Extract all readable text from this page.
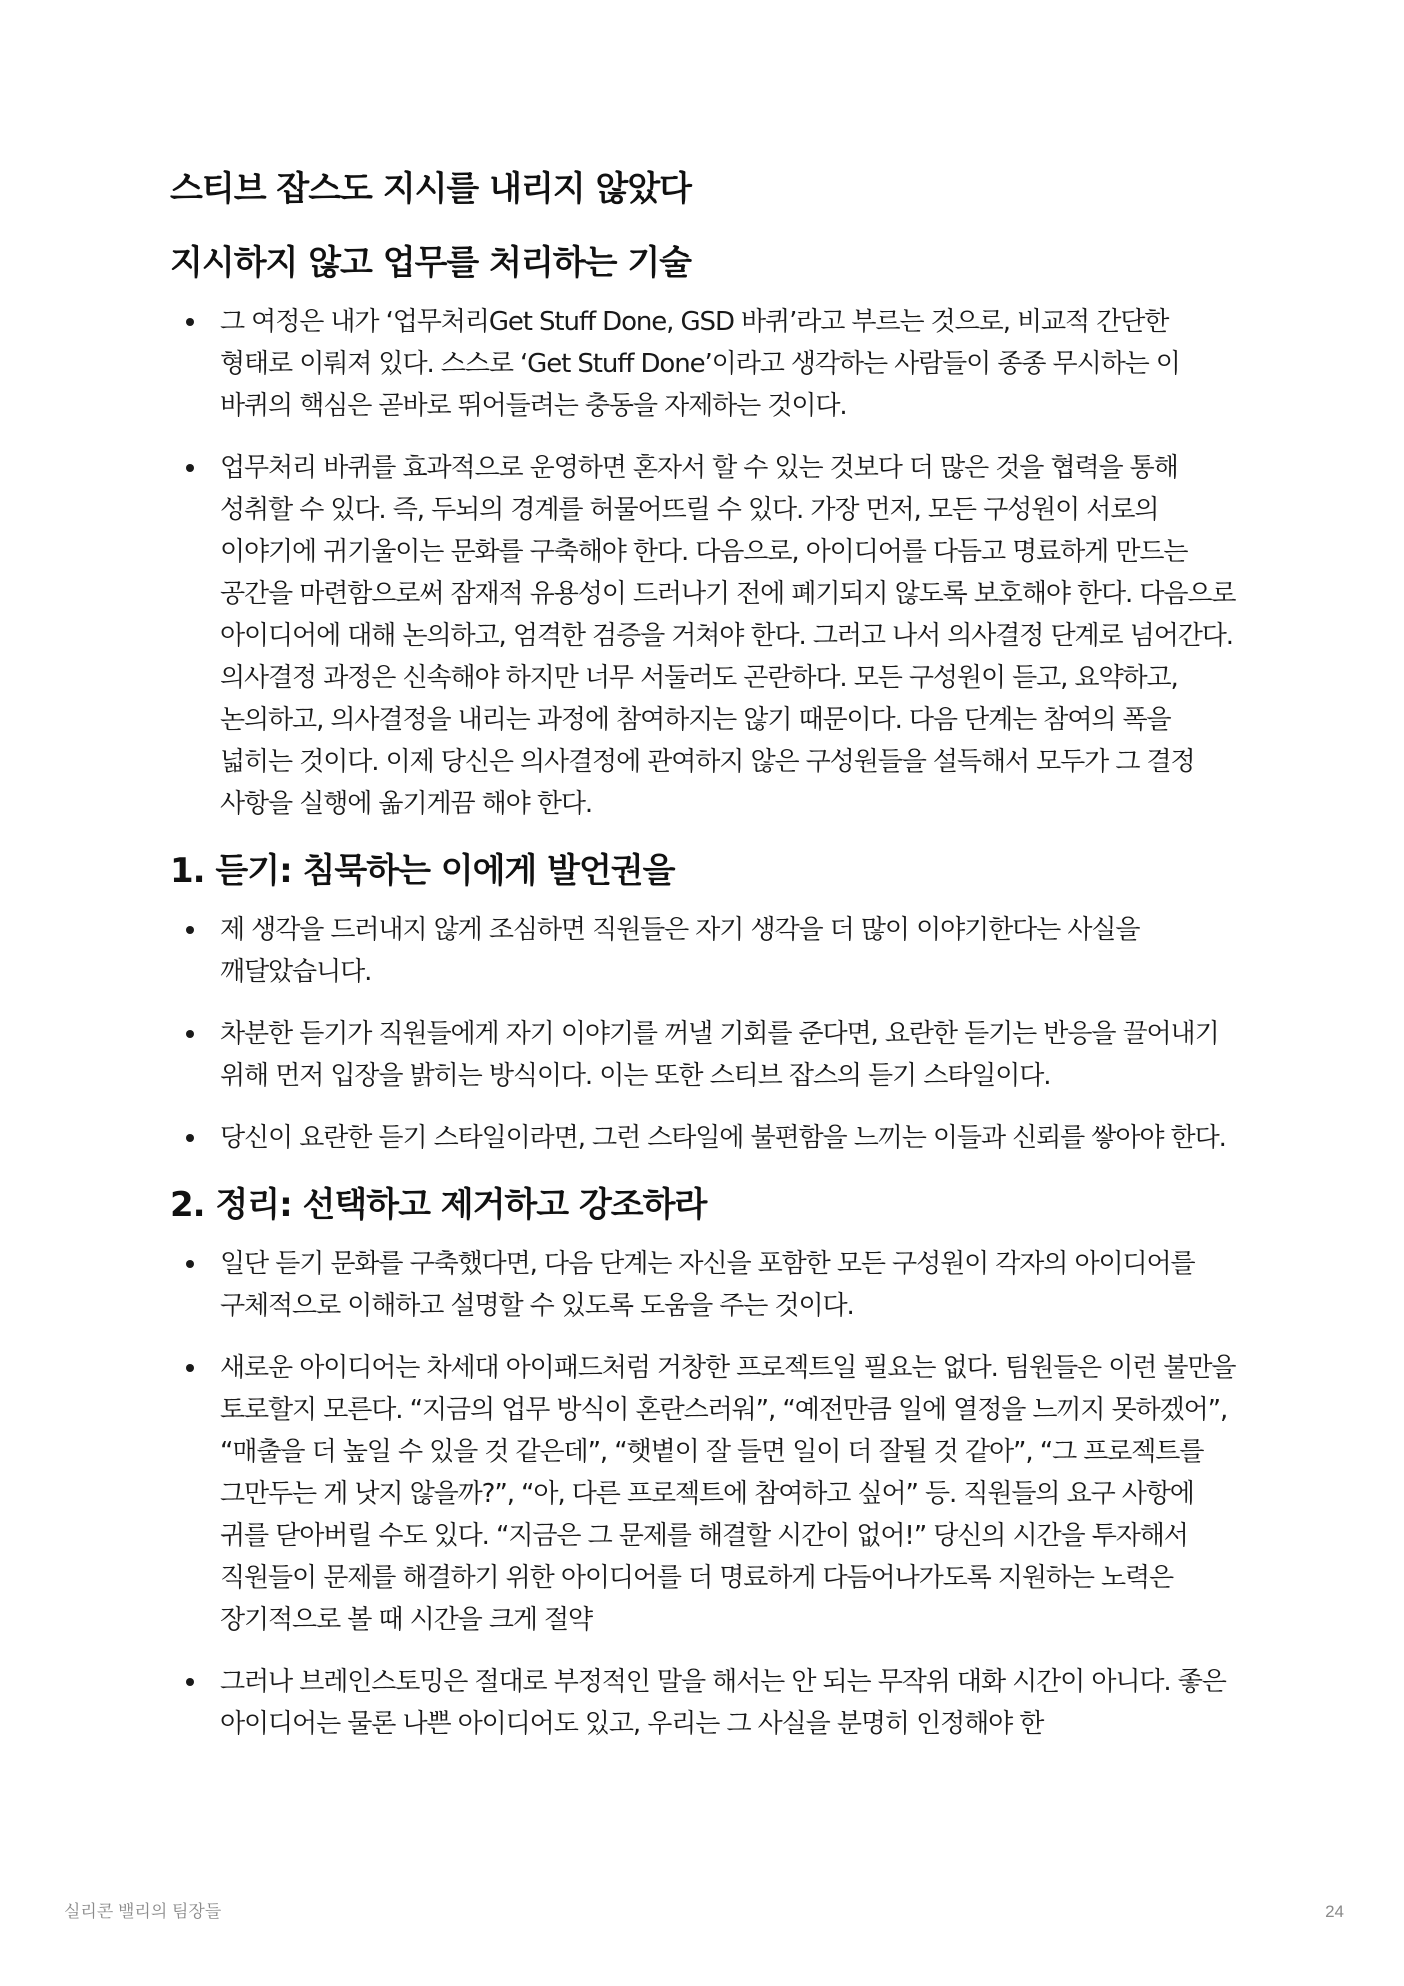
스티브 잡스도 지시를 내리지 않았다
지시하지 않고 업무를 처리하는 기술
그 여정은 내가 ‘업무처리Get Stuff Done, GSD 바퀴’라고 부르는 것으로, 비교적 간단한 형태로 이뤄져 있다. 스스로 ‘Get Stuff Done’이라고 생각하는 사람들이 종종 무시하는 이 바퀴의 핵심은 곧바로 뛰어들려는 충동을 자제하는 것이다.
업무처리 바퀴를 효과적으로 운영하면 혼자서 할 수 있는 것보다 더 많은 것을 협력을 통해 성취할 수 있다. 즉, 두뇌의 경계를 허물어뜨릴 수 있다. 가장 먼저, 모든 구성원이 서로의 이야기에 귀기울이는 문화를 구축해야 한다. 다음으로, 아이디어를 다듬고 명료하게 만드는 공간을 마련함으로써 잠재적 유용성이 드러나기 전에 폐기되지 않도록 보호해야 한다. 다음으로 아이디어에 대해 논의하고, 엄격한 검증을 거쳐야 한다. 그러고 나서 의사결정 단계로 넘어간다. 의사결정 과정은 신속해야 하지만 너무 서둘러도 곤란하다. 모든 구성원이 듣고, 요약하고, 논의하고, 의사결정을 내리는 과정에 참여하지는 않기 때문이다. 다음 단계는 참여의 폭을 넓히는 것이다. 이제 당신은 의사결정에 관여하지 않은 구성원들을 설득해서 모두가 그 결정 사항을 실행에 옮기게끔 해야 한다.
1. 듣기: 침묵하는 이에게 발언권을
제 생각을 드러내지 않게 조심하면 직원들은 자기 생각을 더 많이 이야기한다는 사실을 깨달았습니다.
차분한 듣기가 직원들에게 자기 이야기를 꺼낼 기회를 준다면, 요란한 듣기는 반응을 끌어내기 위해 먼저 입장을 밝히는 방식이다. 이는 또한 스티브 잡스의 듣기 스타일이다.
당신이 요란한 듣기 스타일이라면, 그런 스타일에 불편함을 느끼는 이들과 신뢰를 쌓아야 한다.
2. 정리: 선택하고 제거하고 강조하라
일단 듣기 문화를 구축했다면, 다음 단계는 자신을 포함한 모든 구성원이 각자의 아이디어를 구체적으로 이해하고 설명할 수 있도록 도움을 주는 것이다.
새로운 아이디어는 차세대 아이패드처럼 거창한 프로젝트일 필요는 없다. 팀원들은 이런 불만을 토로할지 모른다. “지금의 업무 방식이 혼란스러워”, “예전만큼 일에 열정을 느끼지 못하겠어”, “매출을 더 높일 수 있을 것 같은데”, “햇볕이 잘 들면 일이 더 잘될 것 같아”, “그 프로젝트를 그만두는 게 낫지 않을까?”, “아, 다른 프로젝트에 참여하고 싶어” 등. 직원들의 요구 사항에 귀를 닫아버릴 수도 있다. “지금은 그 문제를 해결할 시간이 없어!” 당신의 시간을 투자해서 직원들이 문제를 해결하기 위한 아이디어를 더 명료하게 다듬어나가도록 지원하는 노력은 장기적으로 볼 때 시간을 크게 절약
그러나 브레인스토밍은 절대로 부정적인 말을 해서는 안 되는 무작위 대화 시간이 아니다. 좋은 아이디어는 물론 나쁜 아이디어도 있고, 우리는 그 사실을 분명히 인정해야 한
실리콘 밸리의 팀장들	24
